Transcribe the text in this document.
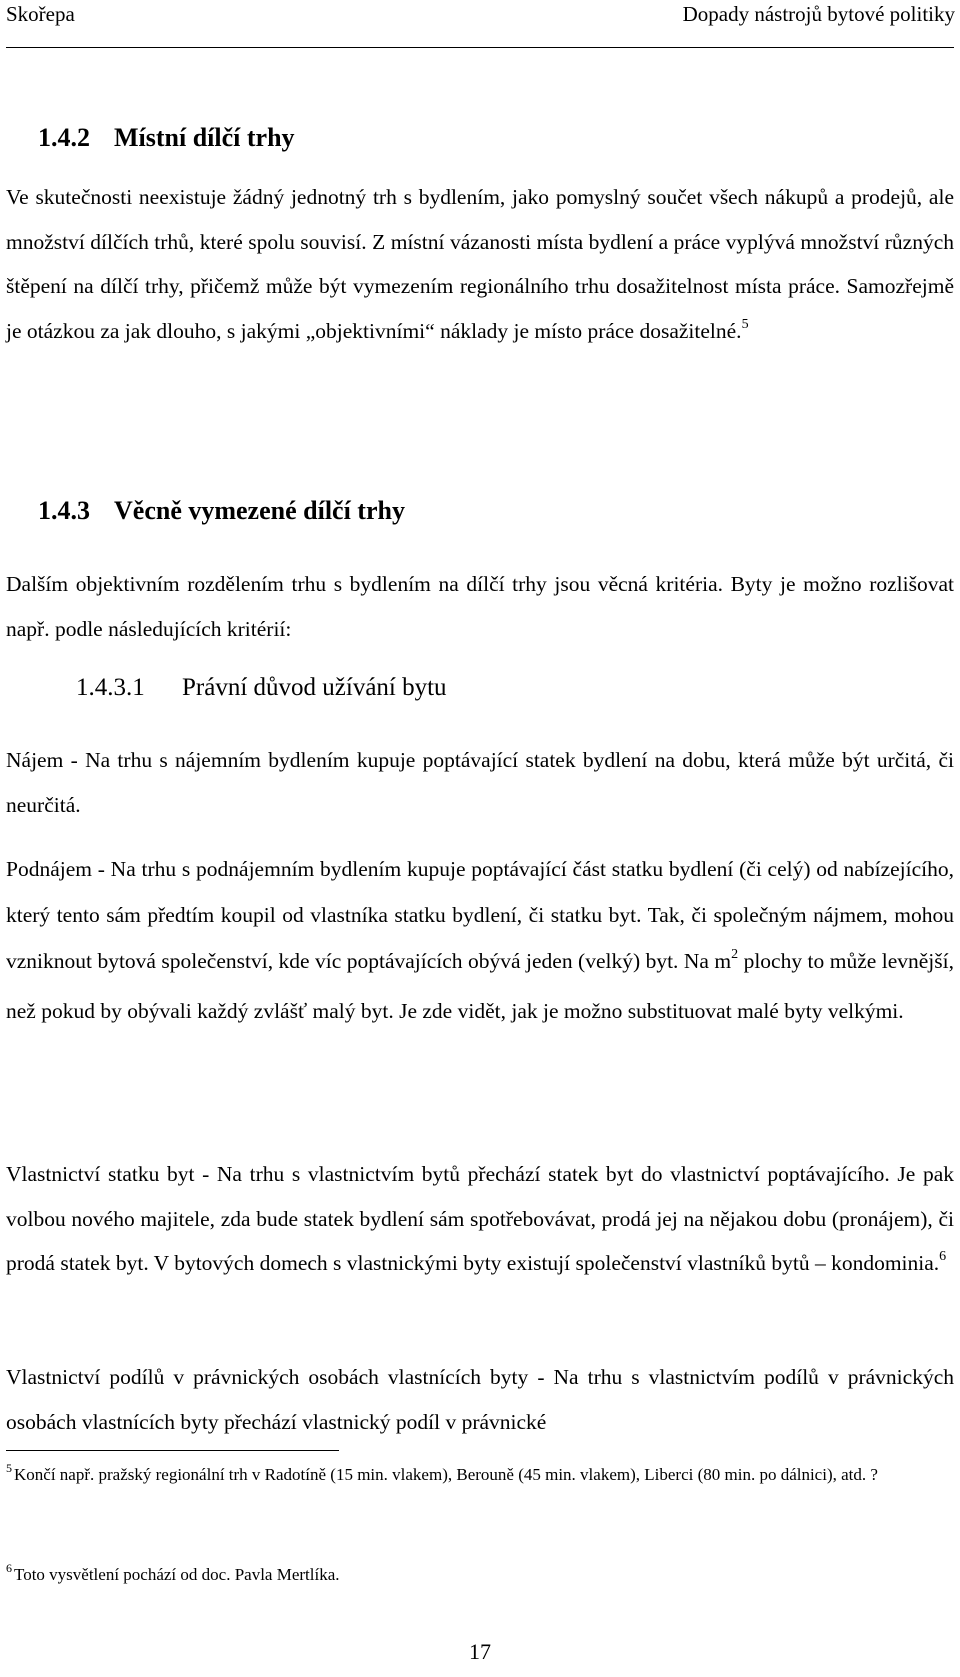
Skořepa	Dopady nástrojů bytové politiky
1.4.2 Místní dílčí trhy

Ve skutečnosti neexistuje žádný jednotný trh s bydlením, jako pomyslný součet všech nákupů a prodejů, ale množství dílčích trhů, které spolu souvisí. Z místní vázanosti místa bydlení a práce vyplývá množství různých štěpení na dílčí trhy, přičemž může být vymezením regionálního trhu dosažitelnost místa práce. Samozřejmě je otázkou za jak dlouho, s jakými „objektivními“ náklady je místo práce dosažitelné.$^5$

1.4.3 Věcně vymezené dílčí trhy

Dalším objektivním rozdělením trhu s bydlením na dílčí trhy jsou věcná kritéria. Byty je možno rozlišovat např. podle následujících kritérií:

1.4.3.1 Právní důvod užívání bytu

Nájem - Na trhu s nájemním bydlením kupuje poptávající statek bydlení na dobu, která může být určitá, či neurčitá.

Podnájem - Na trhu s podnájemním bydlením kupuje poptávající část statku bydlení (či celý) od nabízejícího, který tento sám předtím koupil od vlastníka statku bydlení, či statku byt. Tak, či společným nájmem, mohou vzniknout bytová společenství, kde víc poptávajících obývá jeden (velký) byt. Na m$^2$ plochy to může levnější, než pokud by obývali každý zvlášť malý byt. Je zde vidět, jak je možno substituovat malé byty velkými.

Vlastnictví statku byt - Na trhu s vlastnictvím bytů přechází statek byt do vlastnictví poptávajícího. Je pak volbou nového majitele, zda bude statek bydlení sám spotřebovávat, prodá jej na nějakou dobu (pronájem), či prodá statek byt. V bytových domech s vlastnickými byty existují společenství vlastníků bytů – kondominia.$^6$

Vlastnictví podílů v právnických osobách vlastnících byty - Na trhu s vlastnictvím podílů v právnických osobách vlastnících byty přechází vlastnický podíl v právnické

$^5$ Končí např. pražský regionální trh v Radotíně (15 min. vlakem), Berouně (45 min. vlakem), Liberci (80 min. po dálnici), atd. ?

$^6$ Toto vysvětlení pochází od doc. Pavla Mertlíka.

17
